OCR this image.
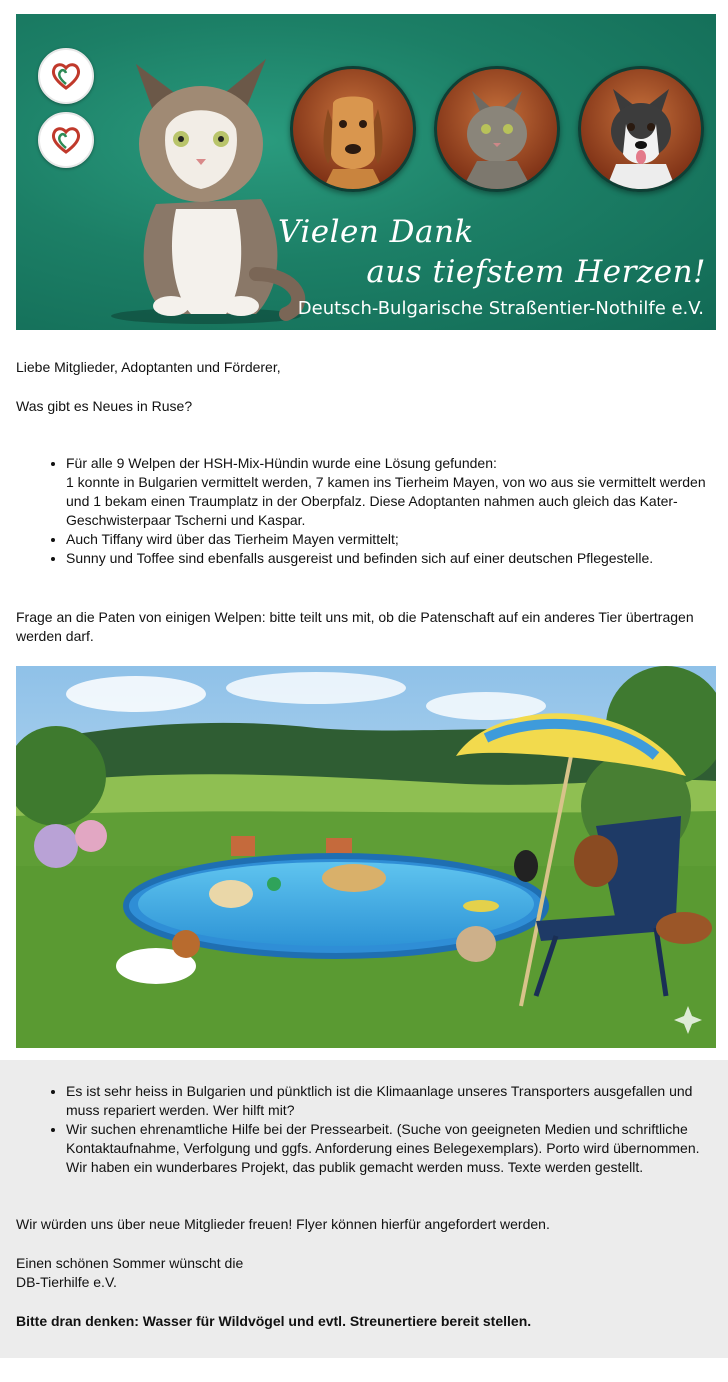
Vielen Dank
aus tiefstem Herzen!
Deutsch-Bulgarische Straßentier-Nothilfe e.V.

Liebe Mitglieder, Adoptanten und Förderer,

Was gibt es Neues in Ruse?

• Für alle 9 Welpen der HSH-Mix-Hündin wurde eine Lösung gefunden:
1 konnte in Bulgarien vermittelt werden, 7 kamen ins Tierheim Mayen, von wo aus sie vermittelt werden und 1 bekam einen Traumplatz in der Oberpfalz. Diese Adoptanten nahmen auch gleich das Kater-Geschwisterpaar Tscherni und Kaspar.
• Auch Tiffany wird über das Tierheim Mayen vermittelt;
• Sunny und Toffee sind ebenfalls ausgereist und befinden sich auf einer deutschen Pflegestelle.

Frage an die Paten von einigen Welpen: bitte teilt uns mit, ob die Patenschaft auf ein anderes Tier übertragen werden darf.

• Es ist sehr heiss in Bulgarien und pünktlich ist die Klimaanlage unseres Transporters ausgefallen und muss repariert werden. Wer hilft mit?
• Wir suchen ehrenamtliche Hilfe bei der Pressearbeit. (Suche von geeigneten Medien und schriftliche Kontaktaufnahme, Verfolgung und ggfs. Anforderung eines Belegexemplars). Porto wird übernommen. Wir haben ein wunderbares Projekt, das publik gemacht werden muss. Texte werden gestellt.

Wir würden uns über neue Mitglieder freuen! Flyer können hierfür angefordert werden.

Einen schönen Sommer wünscht die

DB-Tierhilfe e.V.

Bitte dran denken: Wasser für Wildvögel und evtl. Streunertiere bereit stellen.
